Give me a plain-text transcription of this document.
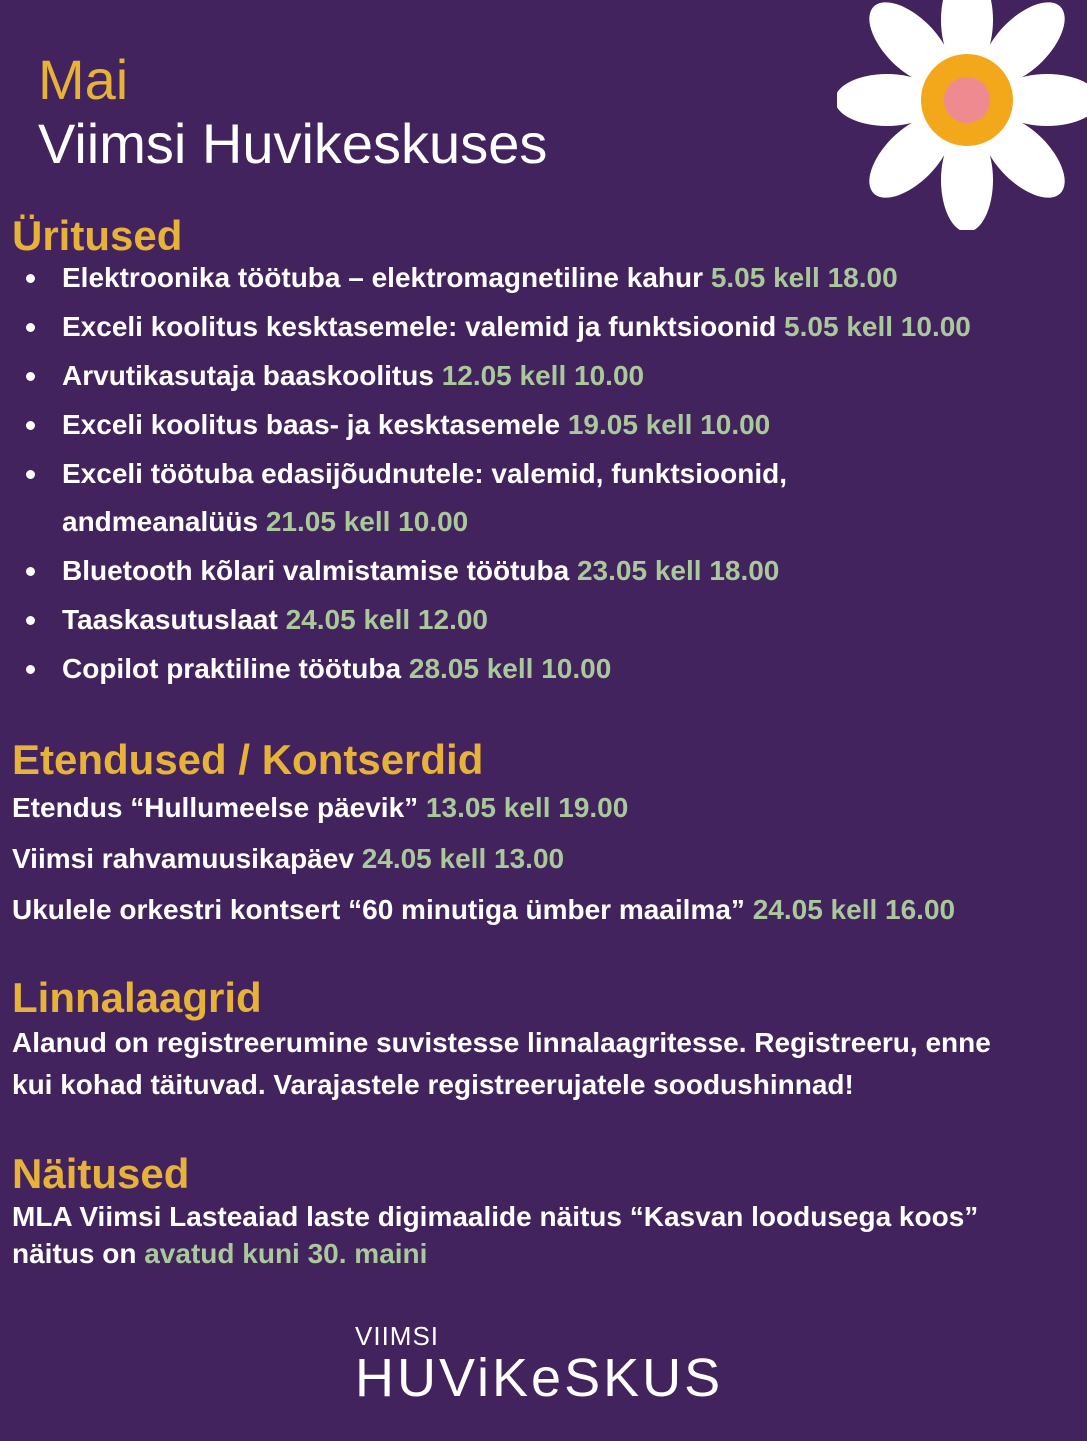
Mai
Viimsi Huvikeskuses
Üritused
Elektroonika töötuba – elektromagnetiline kahur 5.05 kell 18.00
Exceli koolitus kesktasemele: valemid ja funktsioonid 5.05 kell 10.00
Arvutikasutaja baaskoolitus 12.05 kell 10.00
Exceli koolitus baas- ja kesktasemele 19.05 kell 10.00
Exceli töötuba edasijõudnutele: valemid, funktsioonid, andmeanalüüs 21.05 kell 10.00
Bluetooth kõlari valmistamise töötuba 23.05 kell 18.00
Taaskasutuslaat 24.05 kell 12.00
Copilot praktiline töötuba 28.05 kell 10.00
Etendused / Kontserdid
Etendus “Hullumeelse päevik” 13.05 kell 19.00
Viimsi rahvamuusikapäev 24.05 kell 13.00
Ukulele orkestri kontsert “60 minutiga ümber maailma” 24.05 kell 16.00
Linnalaagrid
Alanud on registreerumine suvistesse linnalaagritesse. Registreeru, enne kui kohad täituvad. Varajastele registreerujatele soodushinnad!
Näitused
MLA Viimsi Lasteaiad laste digimaalide näitus “Kasvan loodusega koos” näitus on avatud kuni 30. maini
VIIMSI
HUViKeSKUS
